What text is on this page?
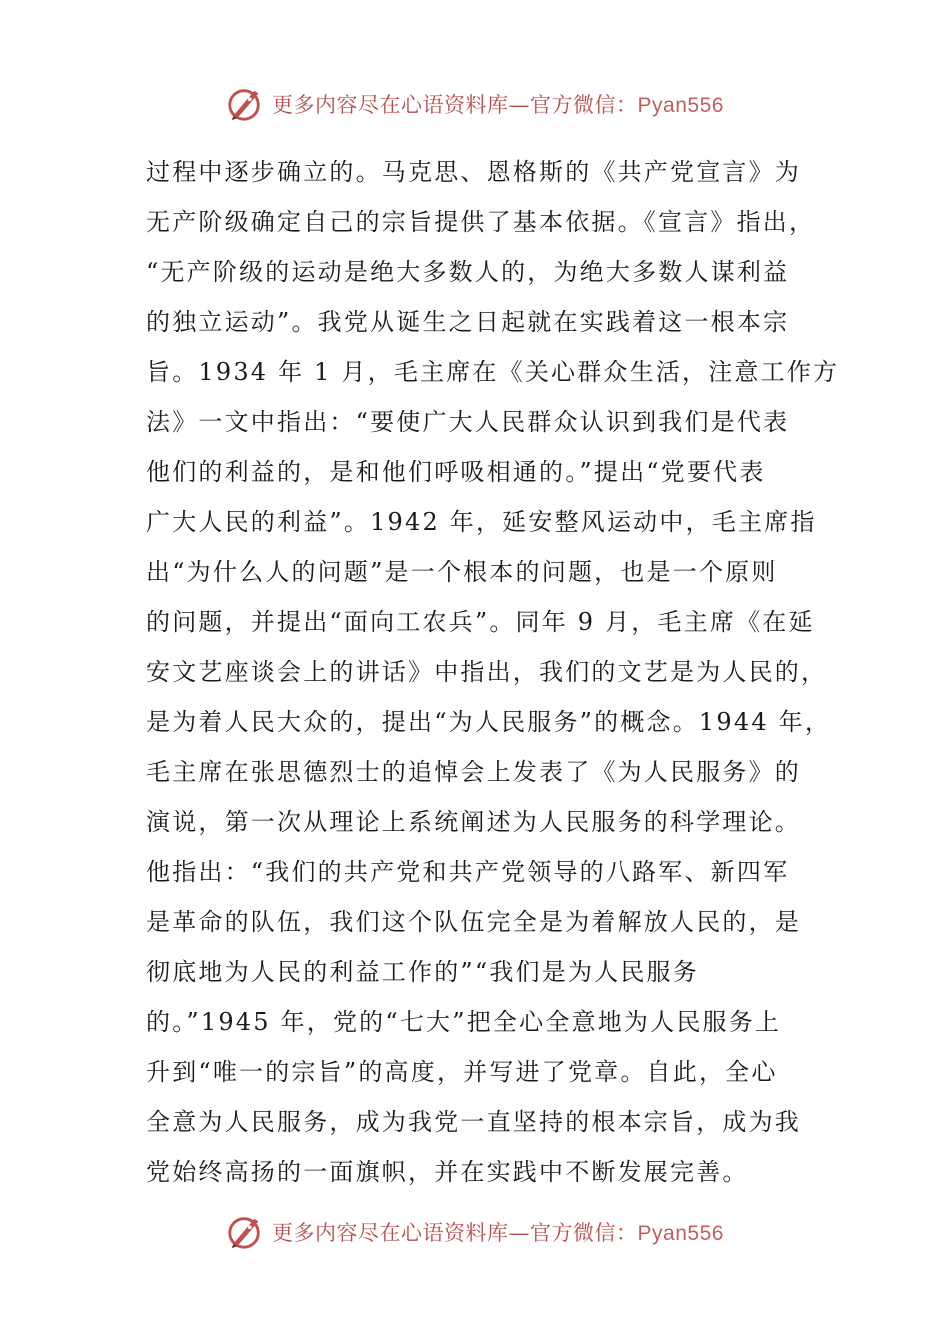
更多内容尽在心语资料库—官方微信：Pyan556
过程中逐步确立的。马克思、恩格斯的《共产党宣言》为
无产阶级确定自己的宗旨提供了基本依据。《宣言》指出，
“无产阶级的运动是绝大多数人的，为绝大多数人谋利益
的独立运动”。我党从诞生之日起就在实践着这一根本宗
旨。1934 年 1 月，毛主席在《关心群众生活，注意工作方
法》一文中指出：“要使广大人民群众认识到我们是代表
他们的利益的，是和他们呼吸相通的。”提出“党要代表
广大人民的利益”。1942 年，延安整风运动中，毛主席指
出“为什么人的问题”是一个根本的问题，也是一个原则
的问题，并提出“面向工农兵”。同年 9 月，毛主席《在延
安文艺座谈会上的讲话》中指出，我们的文艺是为人民的，
是为着人民大众的，提出“为人民服务”的概念。1944 年，
毛主席在张思德烈士的追悼会上发表了《为人民服务》的
演说，第一次从理论上系统阐述为人民服务的科学理论。
他指出：“我们的共产党和共产党领导的八路军、新四军
是革命的队伍，我们这个队伍完全是为着解放人民的，是
彻底地为人民的利益工作的”“我们是为人民服务
的。”1945 年，党的“七大”把全心全意地为人民服务上
升到“唯一的宗旨”的高度，并写进了党章。自此，全心
全意为人民服务，成为我党一直坚持的根本宗旨，成为我
党始终高扬的一面旗帜，并在实践中不断发展完善。
更多内容尽在心语资料库—官方微信：Pyan556
